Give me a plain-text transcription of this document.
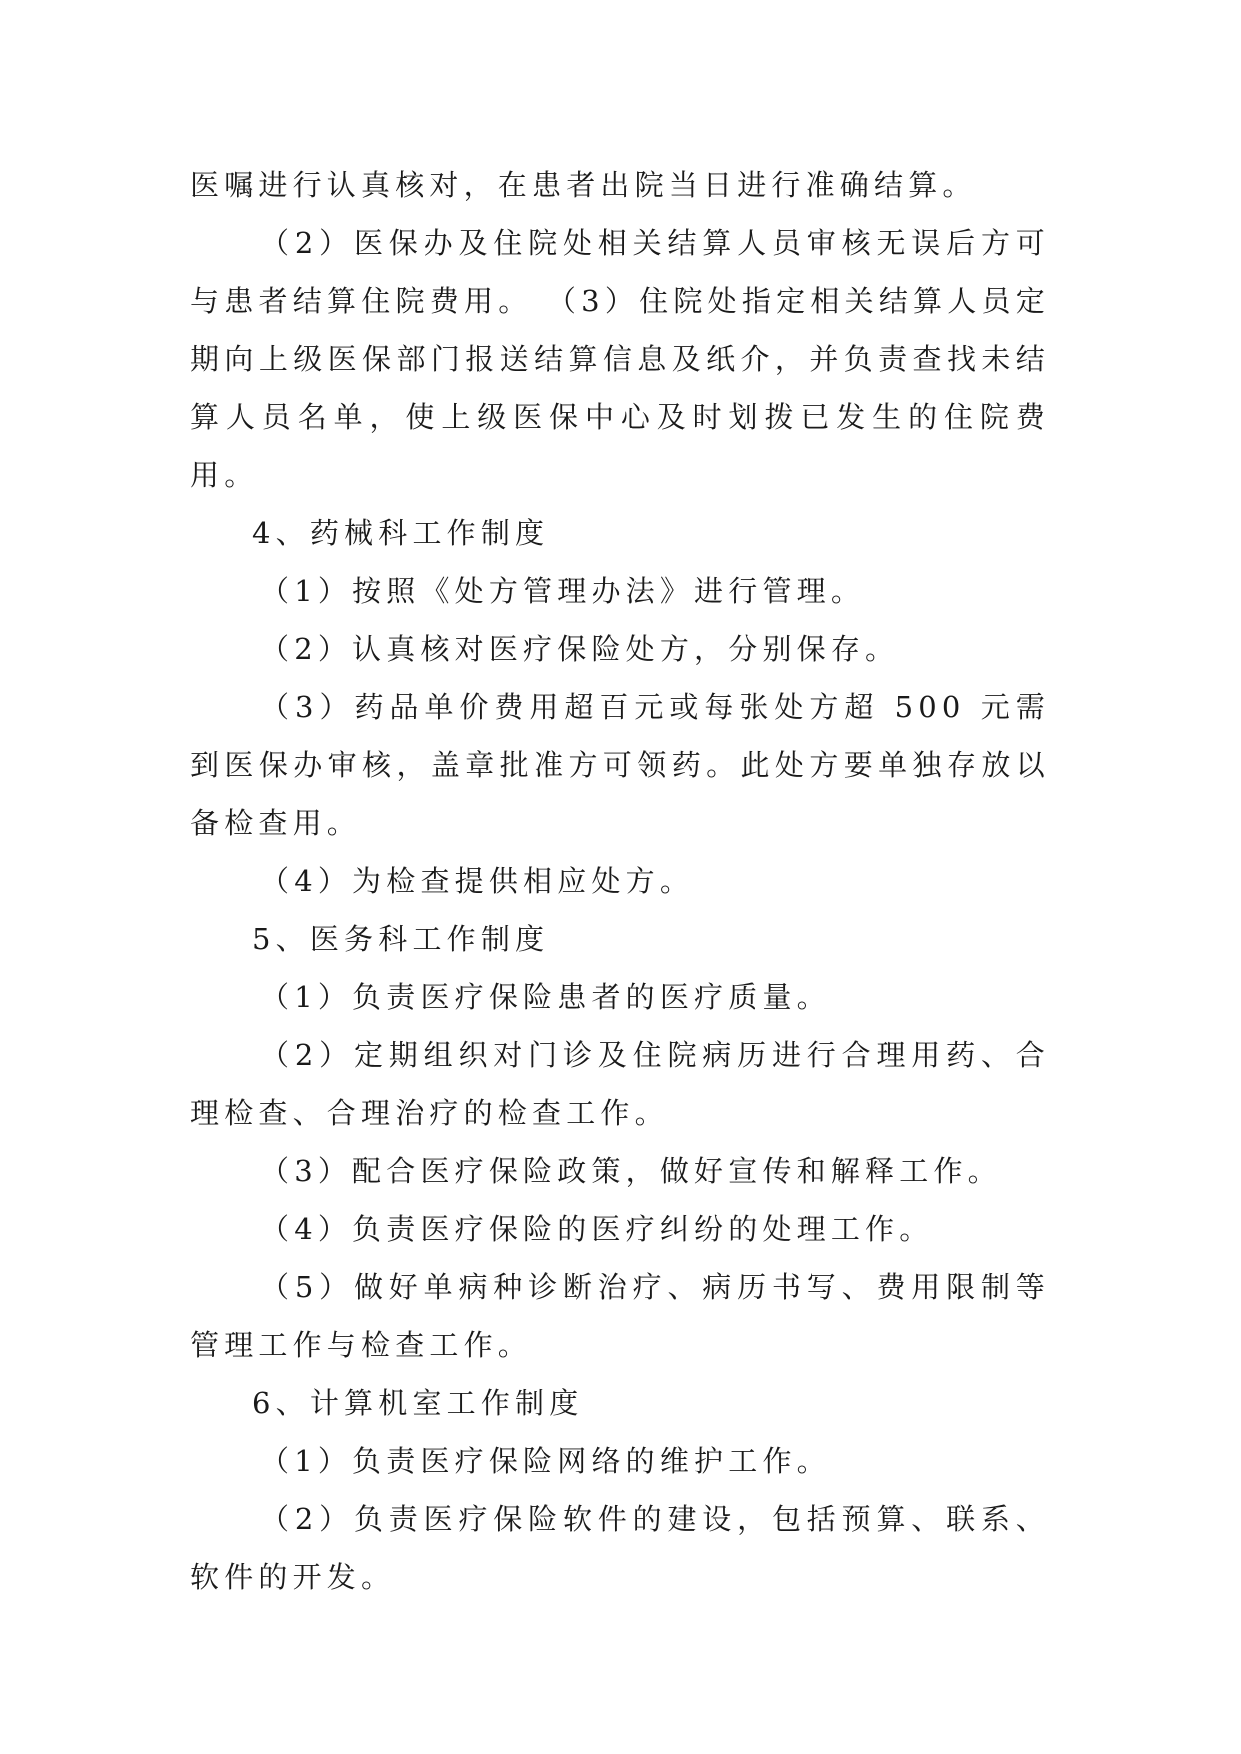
医嘱进行认真核对，在患者出院当日进行准确结算。

（2）医保办及住院处相关结算人员审核无误后方可与患者结算住院费用。 （3）住院处指定相关结算人员定期向上级医保部门报送结算信息及纸介，并负责查找未结算人员名单，使上级医保中心及时划拨已发生的住院费用。

4、药械科工作制度

（1）按照《处方管理办法》进行管理。

（2）认真核对医疗保险处方，分别保存。

（3）药品单价费用超百元或每张处方超 500 元需到医保办审核，盖章批准方可领药。此处方要单独存放以备检查用。

（4）为检查提供相应处方。

5、医务科工作制度

（1）负责医疗保险患者的医疗质量。

（2）定期组织对门诊及住院病历进行合理用药、合理检查、合理治疗的检查工作。

（3）配合医疗保险政策，做好宣传和解释工作。

（4）负责医疗保险的医疗纠纷的处理工作。

（5）做好单病种诊断治疗、病历书写、费用限制等管理工作与检查工作。

6、计算机室工作制度

（1）负责医疗保险网络的维护工作。

（2）负责医疗保险软件的建设，包括预算、联系、软件的开发。
